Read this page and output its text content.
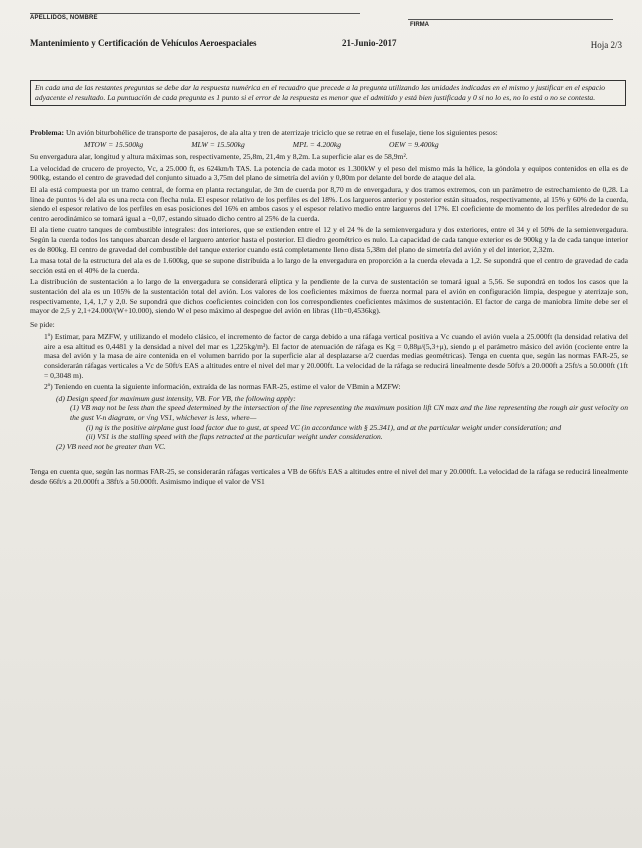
APELLIDOS, NOMBRE
FIRMA
Mantenimiento y Certificación de Vehículos Aeroespaciales	21-Junio-2017	Hoja 2/3
En cada una de las restantes preguntas se debe dar la respuesta numérica en el recuadro que precede a la pregunta utilizando las unidades indicadas en el mismo y justificar en el espacio adyacente el resultado. La puntuación de cada pregunta es 1 punto si el error de la respuesta es menor que el admitido y está bien justificada y 0 si no lo es, no lo está o no se contesta.

Problema: Un avión biturbohélice de transporte de pasajeros, de ala alta y tren de aterrizaje triciclo que se retrae en el fuselaje, tiene los siguientes pesos:

MTOW = 15.500kg	MLW = 15.500kg	MPL = 4.200kg	OEW = 9.400kg

Su envergadura alar, longitud y altura máximas son, respectivamente, 25,8m, 21,4m y 8,2m. La superficie alar es de 58,9m².

La velocidad de crucero de proyecto, Vc, a 25.000 ft, es 624km/h TAS. La potencia de cada motor es 1.300kW y el peso del mismo más la hélice, la góndola y equipos contenidos en ella es de 900kg, estando el centro de gravedad del conjunto situado a 3,75m del plano de simetría del avión y 0,80m por delante del borde de ataque del ala.

El ala está compuesta por un tramo central, de forma en planta rectangular, de 3m de cuerda por 8,70 m de envergadura, y dos tramos extremos, con un parámetro de estrechamiento de 0,28. La línea de puntos ¼ del ala es una recta con flecha nula. El espesor relativo de los perfiles es del 18%. Los largueros anterior y posterior están situados, respectivamente, al 15% y 60% de la cuerda, siendo el espesor relativo de los perfiles en esas posiciones del 16% en ambos casos y el espesor relativo medio entre largueros del 17%. El coeficiente de momento de los perfiles alrededor de su centro aerodinámico se tomará igual a −0,07, estando situado dicho centro al 25% de la cuerda.

El ala tiene cuatro tanques de combustible integrales: dos interiores, que se extienden entre el 12 y el 24 % de la semienvergadura y dos exteriores, entre el 34 y el 50% de la semienvergadura. Según la cuerda todos los tanques abarcan desde el larguero anterior hasta el posterior. El diedro geométrico es nulo. La capacidad de cada tanque exterior es de 900kg y la de cada tanque interior es de 800kg. El centro de gravedad del combustible del tanque exterior cuando está completamente lleno dista 5,38m del plano de simetría del avión y el del interior, 2,32m.

La masa total de la estructura del ala es de 1.600kg, que se supone distribuida a lo largo de la envergadura en proporción a la cuerda elevada a 1,2. Se supondrá que el centro de gravedad de cada sección está en el 40% de la cuerda.

La distribución de sustentación a lo largo de la envergadura se considerará elíptica y la pendiente de la curva de sustentación se tomará igual a 5,56. Se supondrá en todos los casos que la sustentación del ala es un 105% de la sustentación total del avión. Los valores de los coeficientes máximos de fuerza normal para el avión en configuración limpia, despegue y aterrizaje son, respectivamente, 1,4, 1,7 y 2,0. Se supondrá que dichos coeficientes coinciden con los correspondientes coeficientes máximos de sustentación. El factor de carga de maniobra límite debe ser el mayor de 2,5 y 2,1+24.000/(W+10.000), siendo W el peso máximo al despegue del avión en libras (1lb=0,4536kg).

Se pide:

1º) Estimar, para MZFW, y utilizando el modelo clásico, el incremento de factor de carga debido a una ráfaga vertical positiva a Vc cuando el avión vuela a 25.000ft (la densidad relativa del aire a esa altitud es 0,4481 y la densidad a nivel del mar es 1,225kg/m³). El factor de atenuación de ráfaga es Kg = 0,88μ/(5,3+μ), siendo μ el parámetro másico del avión (cociente entre la masa del avión y la masa de aire contenida en el volumen barrido por la superficie alar al desplazarse a/2 cuerdas medias geométricas). Tenga en cuenta que, según las normas FAR-25, se considerarán ráfagas verticales a Vc de 50ft/s EAS a altitudes entre el nivel del mar y 20.000ft. La velocidad de la ráfaga se reducirá linealmente desde 50ft/s a 20.000ft a 25ft/s a 50.000ft (1ft = 0,3048 m).

2º) Teniendo en cuenta la siguiente información, extraída de las normas FAR-25, estime el valor de VBmin a MZFW:

(d) Design speed for maximum gust intensity, VB. For VB, the following apply:

(1) VB may not be less than the speed determined by the intersection of the line representing the maximum position lift CN max and the line representing the rough air gust velocity on the gust V-n diagram, or √ng VS1, whichever is less, where—

(i) ng is the positive airplane gust load factor due to gust, at speed VC (in accordance with § 25.341), and at the particular weight under consideration; and

(ii) VS1 is the stalling speed with the flaps retracted at the particular weight under consideration.

(2) VB need not be greater than VC.

Tenga en cuenta que, según las normas FAR-25, se considerarán ráfagas verticales a VB de 66ft/s EAS a altitudes entre el nivel del mar y 20.000ft. La velocidad de la ráfaga se reducirá linealmente desde 66ft/s a 20.000ft a 38ft/s a 50.000ft. Asimismo indique el valor de VS1
